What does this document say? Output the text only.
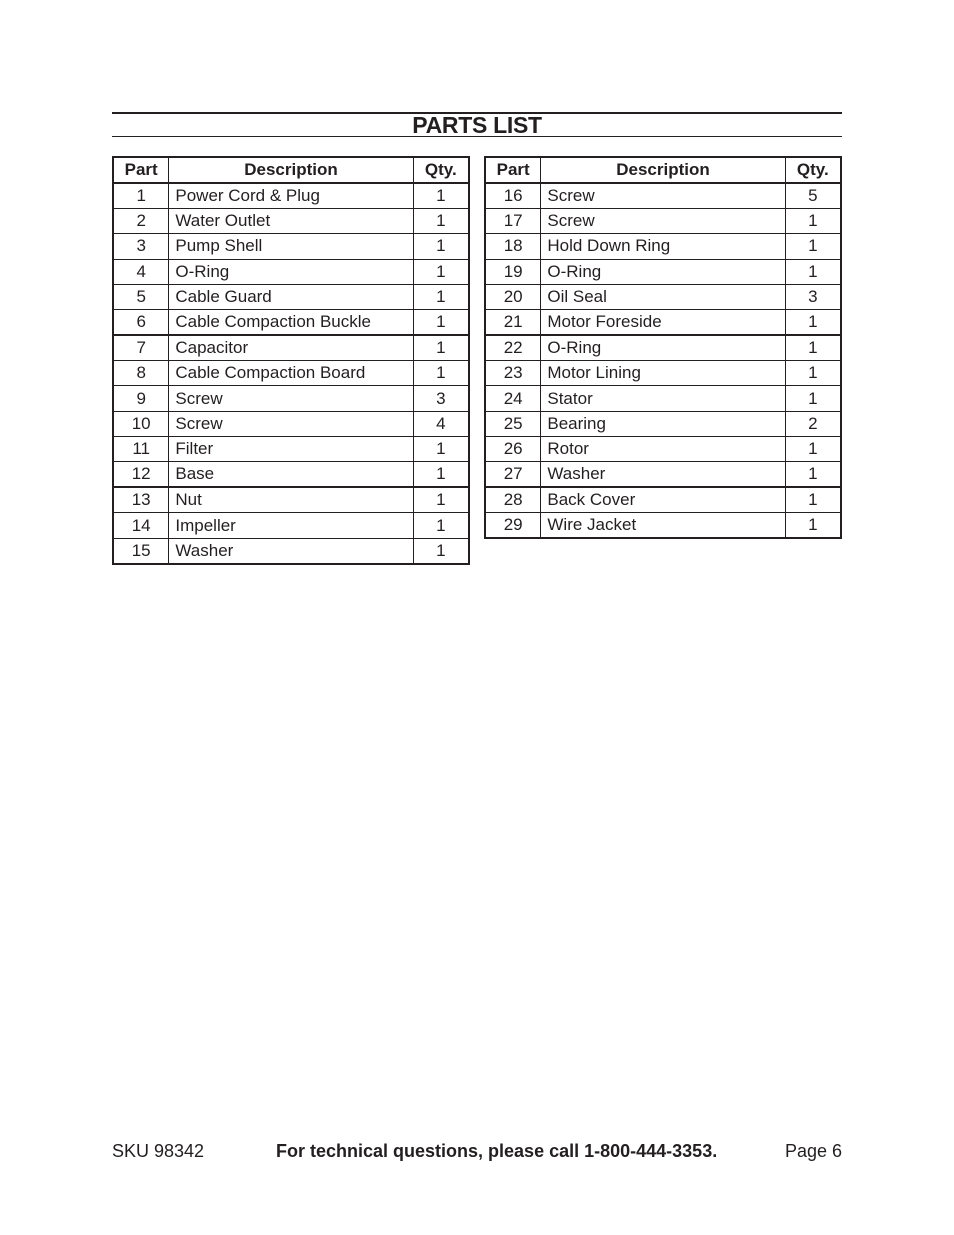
PARTS LIST
Part	Description	Qty.
1	Power Cord & Plug	1
2	Water Outlet	1
3	Pump Shell	1
4	O-Ring	1
5	Cable Guard	1
6	Cable Compaction Buckle	1
7	Capacitor	1
8	Cable Compaction Board	1
9	Screw	3
10	Screw	4
11	Filter	1
12	Base	1
13	Nut	1
14	Impeller	1
15	Washer	1
Part	Description	Qty.
16	Screw	5
17	Screw	1
18	Hold Down Ring	1
19	O-Ring	1
20	Oil Seal	3
21	Motor Foreside	1
22	O-Ring	1
23	Motor Lining	1
24	Stator	1
25	Bearing	2
26	Rotor	1
27	Washer	1
28	Back Cover	1
29	Wire Jacket	1
SKU 98342	For technical questions, please call 1-800-444-3353.	Page 6
